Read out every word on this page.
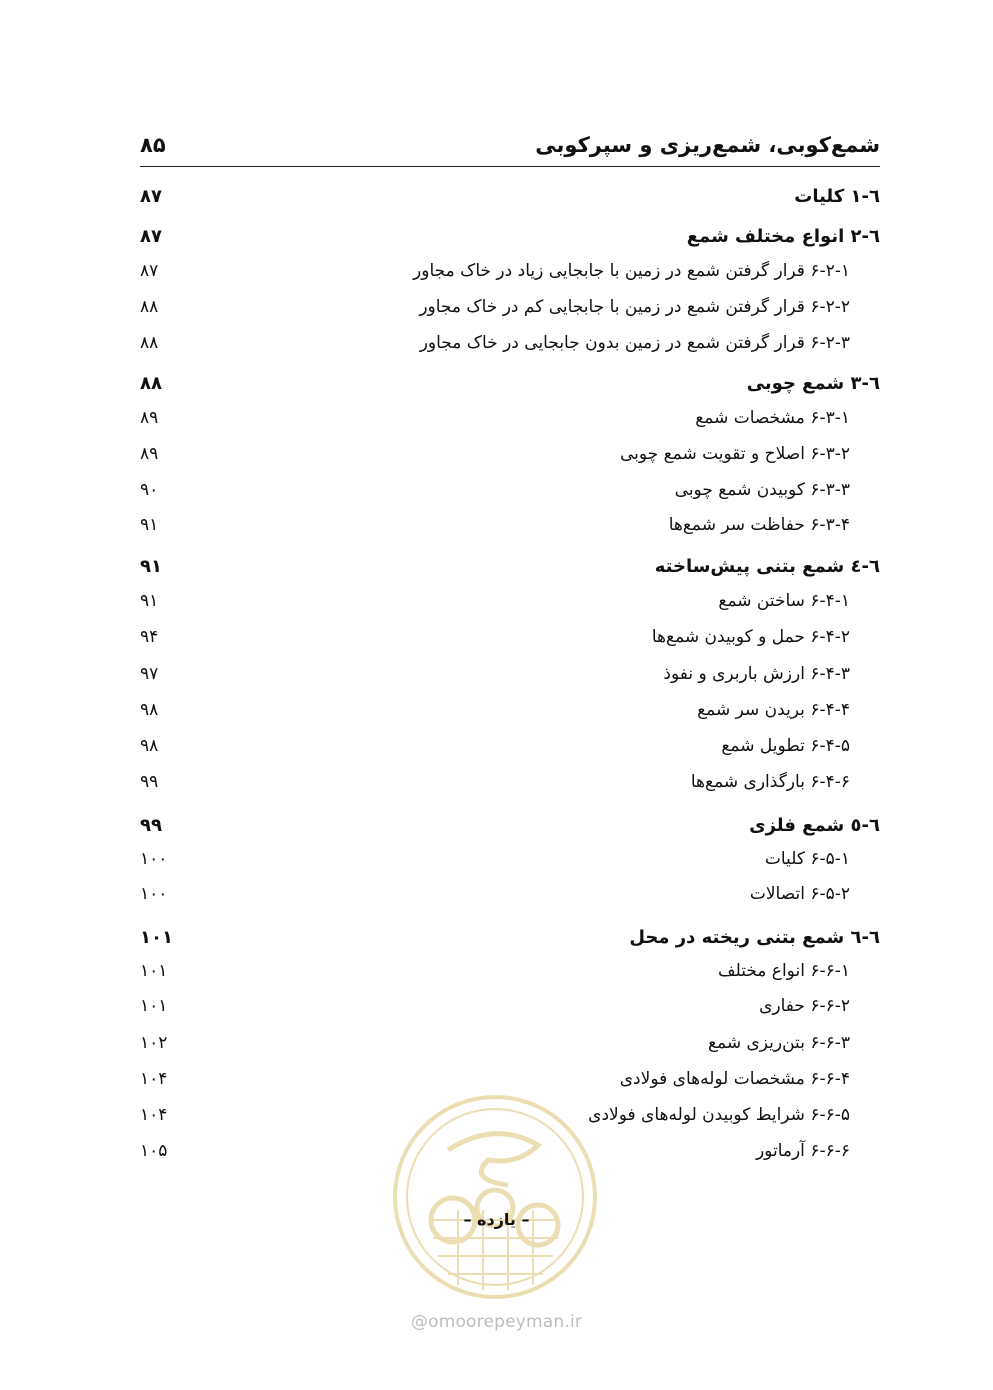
شمع‌کوبی، شمع‌ریزی و سپرکوبی
۸۵
٦-١ کلیات
۸۷
٦-٢ انواع مختلف شمع
۸۷
۶-۲-۱ قرار گرفتن شمع در زمین با جابجایی زیاد در خاک مجاور
۸۷
۶-۲-۲ قرار گرفتن شمع در زمین با جابجایی کم در خاک مجاور
۸۸
۶-۲-۳ قرار گرفتن شمع در زمین بدون جابجایی در خاک مجاور
۸۸
٦-٣ شمع چوبی
۸۸
۶-۳-۱ مشخصات شمع
۸۹
۶-۳-۲ اصلاح و تقویت شمع چوبی
۸۹
۶-۳-۳ کوبیدن شمع چوبی
۹۰
۶-۳-۴ حفاظت سر شمع‌ها
۹۱
٦-٤ شمع بتنی پیش‌ساخته
۹۱
۶-۴-۱ ساختن شمع
۹۱
۶-۴-۲ حمل و کوبیدن شمع‌ها
۹۴
۶-۴-۳ ارزش باربری و نفوذ
۹۷
۶-۴-۴ بریدن سر شمع
۹۸
۶-۴-۵ تطویل شمع
۹۸
۶-۴-۶ بارگذاری شمع‌ها
۹۹
٦-٥ شمع فلزی
۹۹
۶-۵-۱ کلیات
۱۰۰
۶-۵-۲ اتصالات
۱۰۰
٦-٦ شمع بتنی ریخته در محل
۱۰۱
۶-۶-۱ انواع مختلف
۱۰۱
۶-۶-۲ حفاری
۱۰۱
۶-۶-۳ بتن‌ریزی شمع
۱۰۲
۶-۶-۴ مشخصات لوله‌های فولادی
۱۰۴
۶-۶-۵ شرایط کوبیدن لوله‌های فولادی
۱۰۴
۶-۶-۶ آرماتور
۱۰۵
– یازده –
@omoorepeyman.ir
